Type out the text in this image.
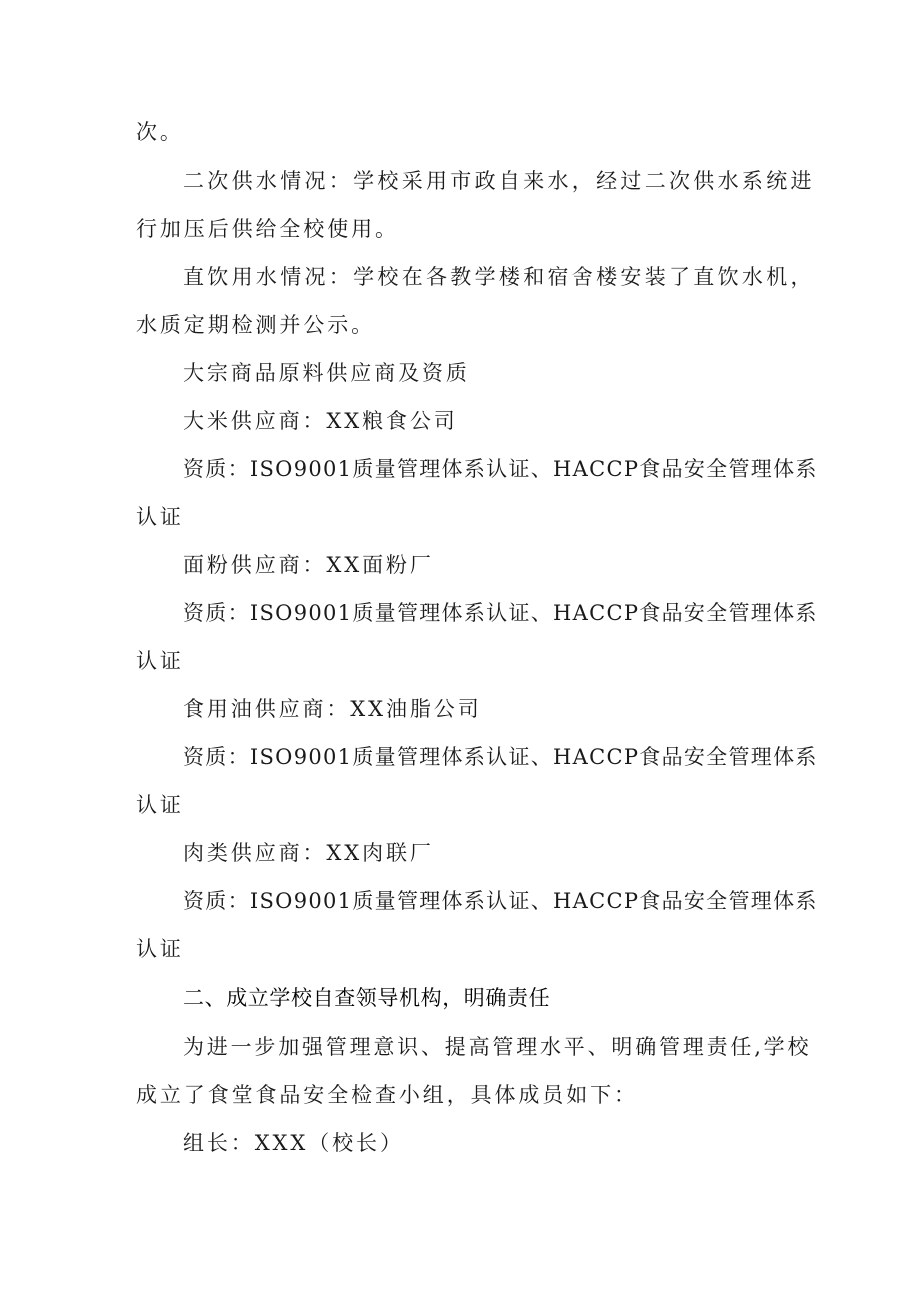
次。
二次供水情况：学校采用市政自来水，经过二次供水系统进
行加压后供给全校使用。
直饮用水情况：学校在各教学楼和宿舍楼安装了直饮水机，
水质定期检测并公示。
大宗商品原料供应商及资质
大米供应商：XX粮食公司
资质：ISO9001质量管理体系认证、HACCP食品安全管理体系
认证
面粉供应商：XX面粉厂
资质：ISO9001质量管理体系认证、HACCP食品安全管理体系
认证
食用油供应商：XX油脂公司
资质：ISO9001质量管理体系认证、HACCP食品安全管理体系
认证
肉类供应商：XX肉联厂
资质：ISO9001质量管理体系认证、HACCP食品安全管理体系
认证
二、成立学校自查领导机构，明确责任
为进一步加强管理意识、提高管理水平、明确管理责任,学校
成立了食堂食品安全检查小组，具体成员如下：
组长：XXX（校长）
